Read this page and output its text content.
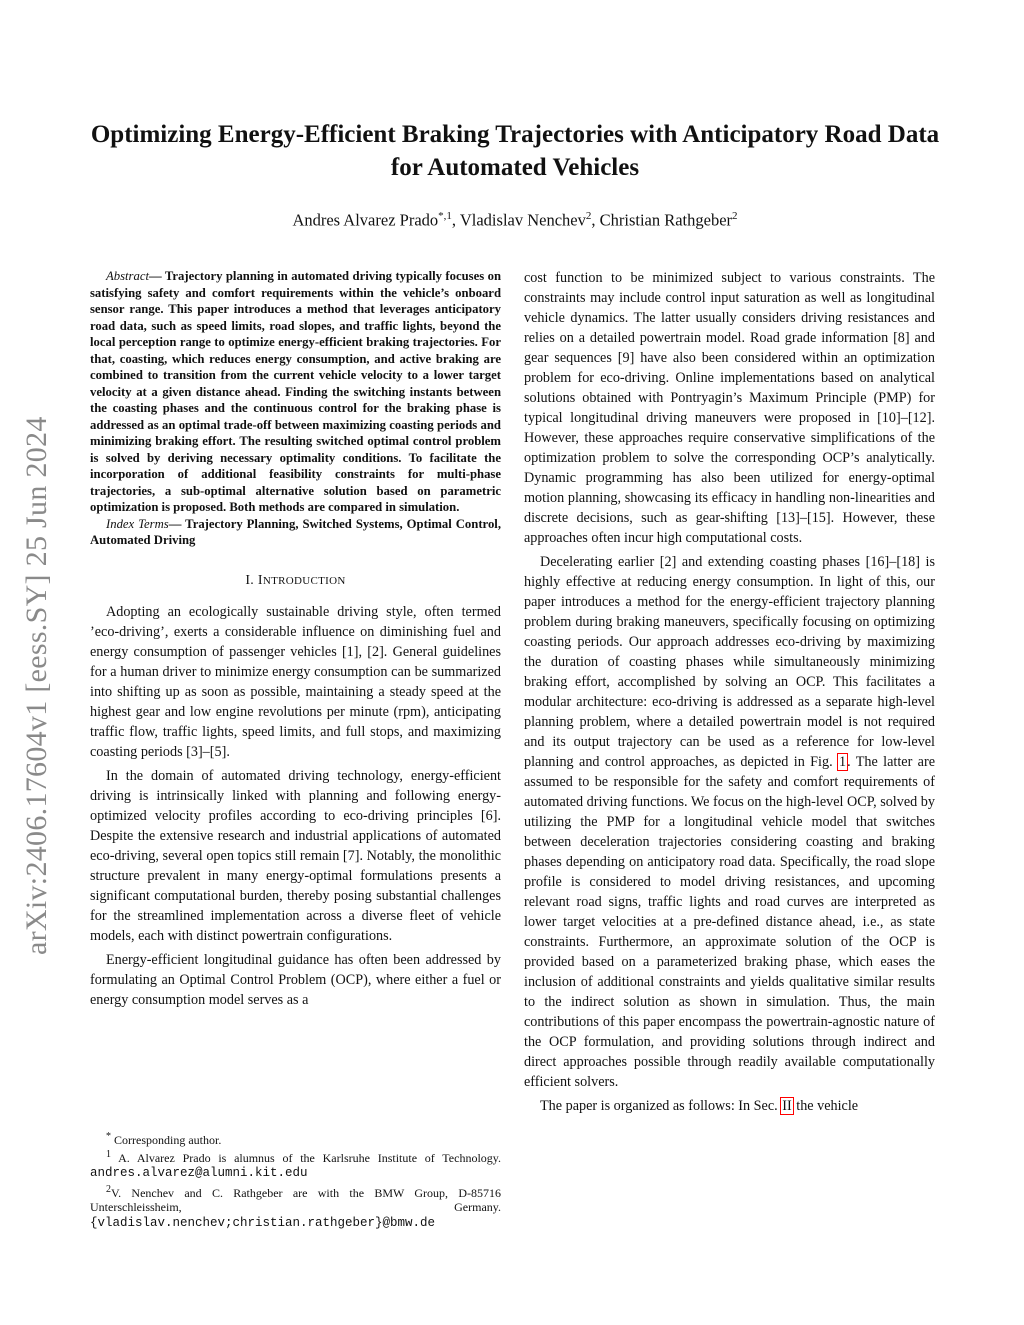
arXiv:2406.17604v1 [eess.SY] 25 Jun 2024
Optimizing Energy-Efficient Braking Trajectories with Anticipatory Road Data for Automated Vehicles
Andres Alvarez Prado$^{*,1}$, Vladislav Nenchev$^2$, Christian Rathgeber$^2$

Abstract— Trajectory planning in automated driving typically focuses on satisfying safety and comfort requirements within the vehicle’s onboard sensor range. This paper introduces a method that leverages anticipatory road data, such as speed limits, road slopes, and traffic lights, beyond the local perception range to optimize energy-efficient braking trajectories. For that, coasting, which reduces energy consumption, and active braking are combined to transition from the current vehicle velocity to a lower target velocity at a given distance ahead. Finding the switching instants between the coasting phases and the continuous control for the braking phase is addressed as an optimal trade-off between maximizing coasting periods and minimizing braking effort. The resulting switched optimal control problem is solved by deriving necessary optimality conditions. To facilitate the incorporation of additional feasibility constraints for multi-phase trajectories, a sub-optimal alternative solution based on parametric optimization is proposed. Both methods are compared in simulation.

Index Terms— Trajectory Planning, Switched Systems, Optimal Control, Automated Driving

I. INTRODUCTION

Adopting an ecologically sustainable driving style, often termed ’eco-driving’, exerts a considerable influence on diminishing fuel and energy consumption of passenger vehicles [1], [2]. General guidelines for a human driver to minimize energy consumption can be summarized into shifting up as soon as possible, maintaining a steady speed at the highest gear and low engine revolutions per minute (rpm), anticipating traffic flow, traffic lights, speed limits, and full stops, and maximizing coasting periods [3]–[5].

In the domain of automated driving technology, energy-efficient driving is intrinsically linked with planning and following energy-optimized velocity profiles according to eco-driving principles [6]. Despite the extensive research and industrial applications of automated eco-driving, several open topics still remain [7]. Notably, the monolithic structure prevalent in many energy-optimal formulations presents a significant computational burden, thereby posing substantial challenges for the streamlined implementation across a diverse fleet of vehicle models, each with distinct powertrain configurations.

Energy-efficient longitudinal guidance has often been addressed by formulating an Optimal Control Problem (OCP), where either a fuel or energy consumption model serves as a

* Corresponding author.
$^1$ A. Alvarez Prado is alumnus of the Karlsruhe Institute of Technology. andres.alvarez@alumni.kit.edu
$^2$V. Nenchev and C. Rathgeber are with the BMW Group, D-85716 Unterschleissheim, Germany. {vladislav.nenchev;christian.rathgeber}@bmw.de

cost function to be minimized subject to various constraints. The constraints may include control input saturation as well as longitudinal vehicle dynamics. The latter usually considers driving resistances and relies on a detailed powertrain model. Road grade information [8] and gear sequences [9] have also been considered within an optimization problem for eco-driving. Online implementations based on analytical solutions obtained with Pontryagin’s Maximum Principle (PMP) for typical longitudinal driving maneuvers were proposed in [10]–[12]. However, these approaches require conservative simplifications of the optimization problem to solve the corresponding OCP’s analytically. Dynamic programming has also been utilized for energy-optimal motion planning, showcasing its efficacy in handling non-linearities and discrete decisions, such as gear-shifting [13]–[15]. However, these approaches often incur high computational costs.

Decelerating earlier [2] and extending coasting phases [16]–[18] is highly effective at reducing energy consumption. In light of this, our paper introduces a method for the energy-efficient trajectory planning problem during braking maneuvers, specifically focusing on optimizing coasting periods. Our approach addresses eco-driving by maximizing the duration of coasting phases while simultaneously minimizing braking effort, accomplished by solving an OCP. This facilitates a modular architecture: eco-driving is addressed as a separate high-level planning problem, where a detailed powertrain model is not required and its output trajectory can be used as a reference for low-level planning and control approaches, as depicted in Fig. 1. The latter are assumed to be responsible for the safety and comfort requirements of automated driving functions. We focus on the high-level OCP, solved by utilizing the PMP for a longitudinal vehicle model that switches between deceleration trajectories considering coasting and braking phases depending on anticipatory road data. Specifically, the road slope profile is considered to model driving resistances, and upcoming relevant road signs, traffic lights and road curves are interpreted as lower target velocities at a pre-defined distance ahead, i.e., as state constraints. Furthermore, an approximate solution of the OCP is provided based on a parameterized braking phase, which eases the inclusion of additional constraints and yields qualitative similar results to the indirect solution as shown in simulation. Thus, the main contributions of this paper encompass the powertrain-agnostic nature of the OCP formulation, and providing solutions through indirect and direct approaches possible through readily available computationally efficient solvers.

The paper is organized as follows: In Sec. II the vehicle
